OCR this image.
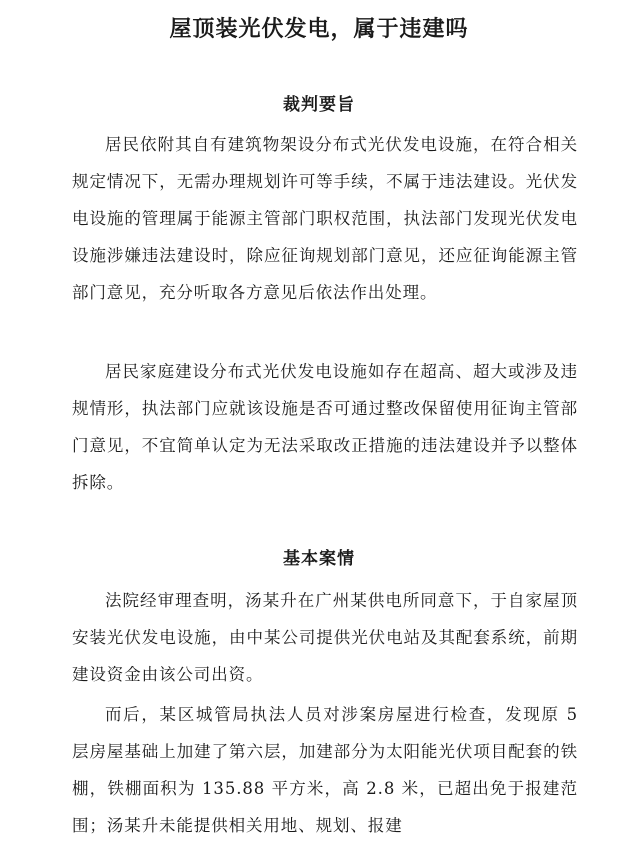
屋顶装光伏发电，属于违建吗
裁判要旨

居民依附其自有建筑物架设分布式光伏发电设施，在符合相关规定情况下，无需办理规划许可等手续，不属于违法建设。光伏发电设施的管理属于能源主管部门职权范围，执法部门发现光伏发电设施涉嫌违法建设时，除应征询规划部门意见，还应征询能源主管部门意见，充分听取各方意见后依法作出处理。

居民家庭建设分布式光伏发电设施如存在超高、超大或涉及违规情形，执法部门应就该设施是否可通过整改保留使用征询主管部门意见，不宜简单认定为无法采取改正措施的违法建设并予以整体拆除。

基本案情

法院经审理查明，汤某升在广州某供电所同意下，于自家屋顶安装光伏发电设施，由中某公司提供光伏电站及其配套系统，前期建设资金由该公司出资。

而后，某区城管局执法人员对涉案房屋进行检查，发现原 5 层房屋基础上加建了第六层，加建部分为太阳能光伏项目配套的铁棚，铁棚面积为 135.88 平方米，高 2.8 米，已超出免于报建范围；汤某升未能提供相关用地、规划、报建
